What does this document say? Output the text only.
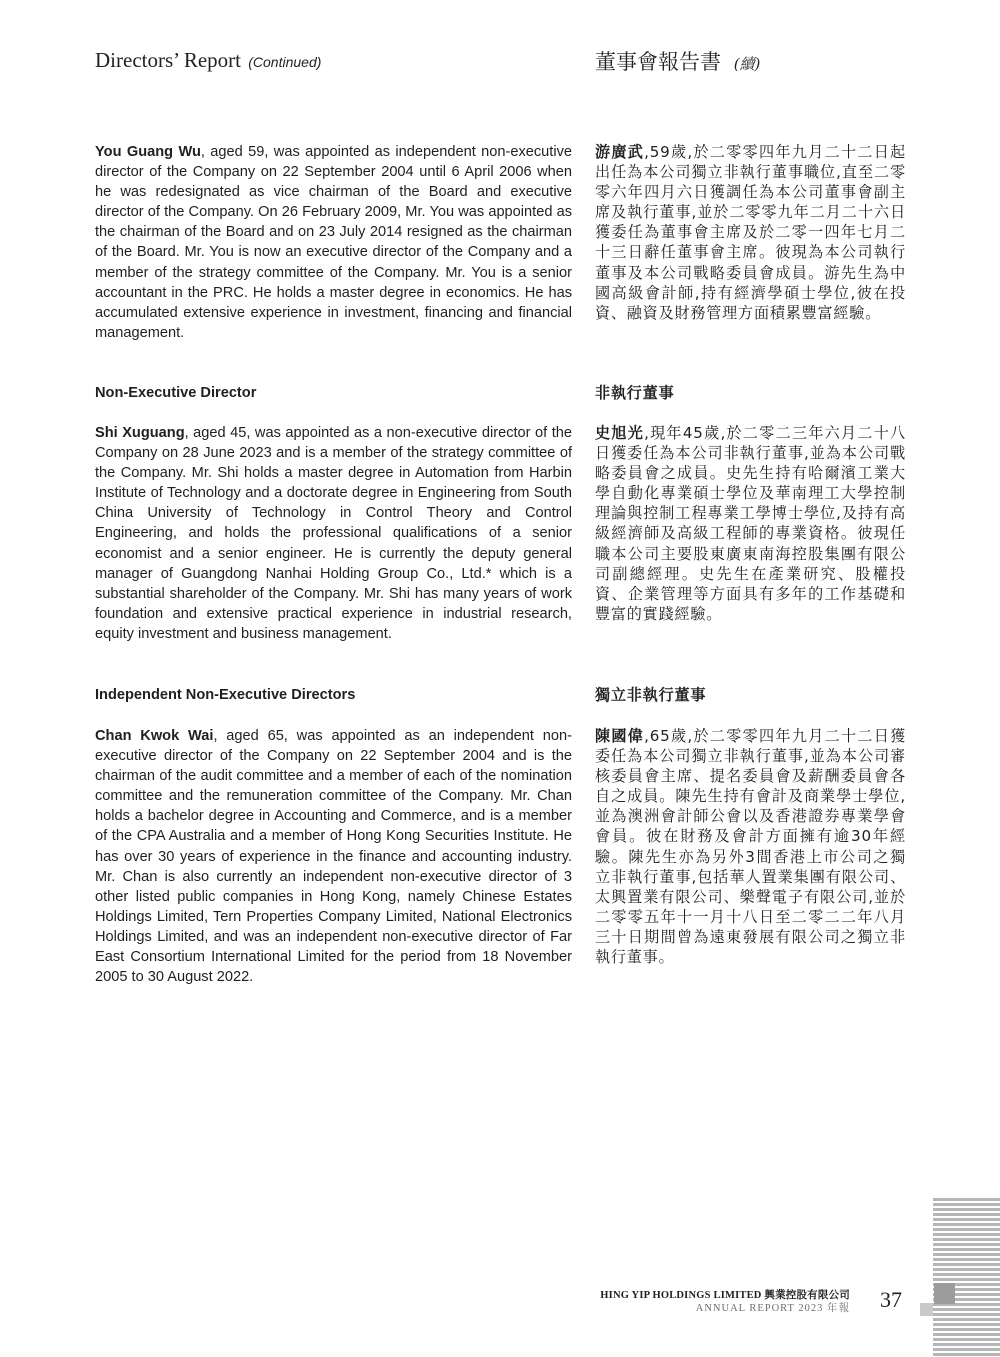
Directors’ Report (Continued)	董事會報告書 (續)

You Guang Wu, aged 59, was appointed as independent non-executive director of the Company on 22 September 2004 until 6 April 2006 when he was redesignated as vice chairman of the Board and executive director of the Company. On 26 February 2009, Mr. You was appointed as the chairman of the Board and on 23 July 2014 resigned as the chairman of the Board. Mr. You is now an executive director of the Company and a member of the strategy committee of the Company. Mr. You is a senior accountant in the PRC. He holds a master degree in economics. He has accumulated extensive experience in investment, financing and financial management.

游廣武,59歲,於二零零四年九月二十二日起出任為本公司獨立非執行董事職位,直至二零零六年四月六日獲調任為本公司董事會副主席及執行董事,並於二零零九年二月二十六日獲委任為董事會主席及於二零一四年七月二十三日辭任董事會主席。彼現為本公司執行董事及本公司戰略委員會成員。游先生為中國高級會計師,持有經濟學碩士學位,彼在投資、融資及財務管理方面積累豐富經驗。

Non-Executive Director	非執行董事

Shi Xuguang, aged 45, was appointed as a non-executive director of the Company on 28 June 2023 and is a member of the strategy committee of the Company. Mr. Shi holds a master degree in Automation from Harbin Institute of Technology and a doctorate degree in Engineering from South China University of Technology in Control Theory and Control Engineering, and holds the professional qualifications of a senior economist and a senior engineer. He is currently the deputy general manager of Guangdong Nanhai Holding Group Co., Ltd.* which is a substantial shareholder of the Company. Mr. Shi has many years of work foundation and extensive practical experience in industrial research, equity investment and business management.

史旭光,現年45歲,於二零二三年六月二十八日獲委任為本公司非執行董事,並為本公司戰略委員會之成員。史先生持有哈爾濱工業大學自動化專業碩士學位及華南理工大學控制理論與控制工程專業工學博士學位,及持有高級經濟師及高級工程師的專業資格。彼現任職本公司主要股東廣東南海控股集團有限公司副總經理。史先生在產業研究、股權投資、企業管理等方面具有多年的工作基礎和豐富的實踐經驗。

Independent Non-Executive Directors	獨立非執行董事

Chan Kwok Wai, aged 65, was appointed as an independent non-executive director of the Company on 22 September 2004 and is the chairman of the audit committee and a member of each of the nomination committee and the remuneration committee of the Company. Mr. Chan holds a bachelor degree in Accounting and Commerce, and is a member of the CPA Australia and a member of Hong Kong Securities Institute. He has over 30 years of experience in the finance and accounting industry. Mr. Chan is also currently an independent non-executive director of 3 other listed public companies in Hong Kong, namely Chinese Estates Holdings Limited, Tern Properties Company Limited, National Electronics Holdings Limited, and was an independent non-executive director of Far East Consortium International Limited for the period from 18 November 2005 to 30 August 2022.

陳國偉,65歲,於二零零四年九月二十二日獲委任為本公司獨立非執行董事,並為本公司審核委員會主席、提名委員會及薪酬委員會各自之成員。陳先生持有會計及商業學士學位,並為澳洲會計師公會以及香港證券專業學會會員。彼在財務及會計方面擁有逾30年經驗。陳先生亦為另外3間香港上市公司之獨立非執行董事,包括華人置業集團有限公司、太興置業有限公司、樂聲電子有限公司,並於二零零五年十一月十八日至二零二二年八月三十日期間曾為遠東發展有限公司之獨立非執行董事。

HING YIP HOLDINGS LIMITED 興業控股有限公司
ANNUAL REPORT 2023 年報 37
